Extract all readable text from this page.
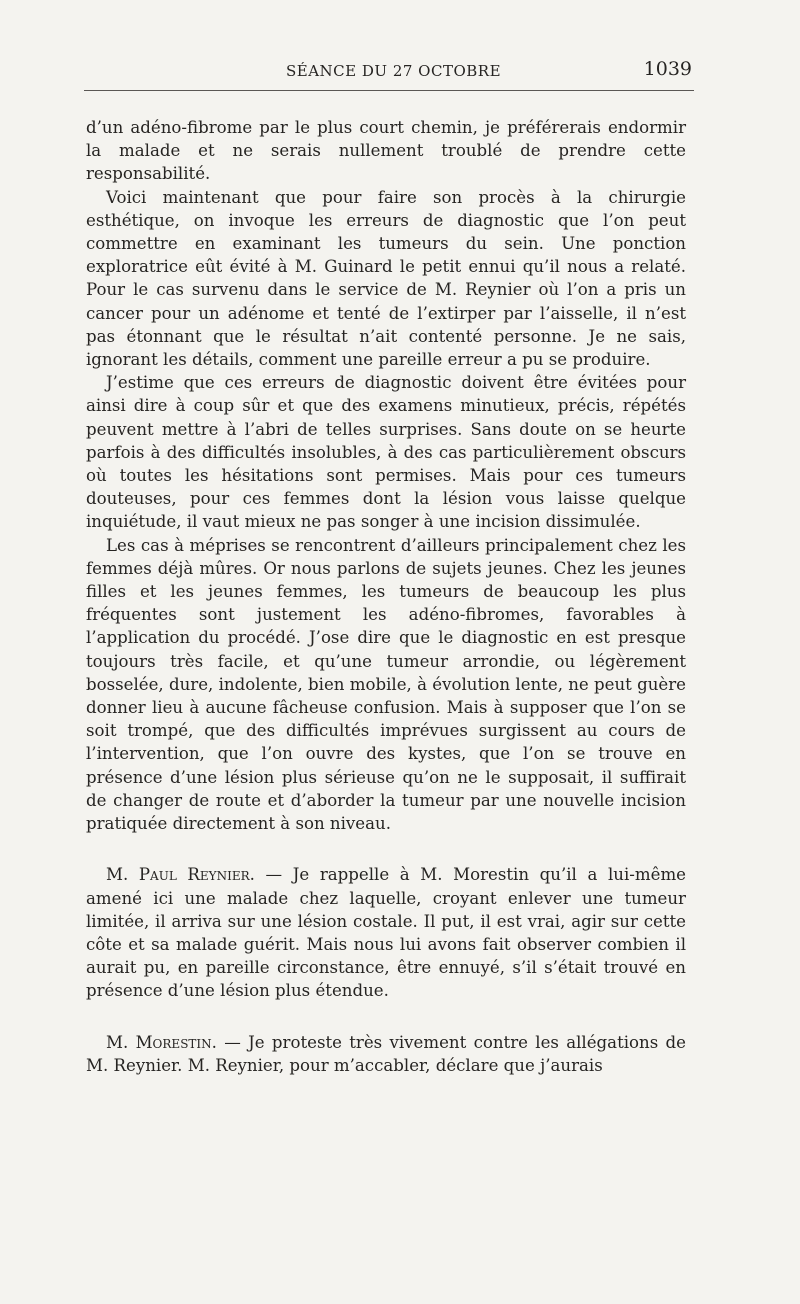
SÉANCE DU 27 OCTOBRE	1039

d’un adéno-fibrome par le plus court chemin, je préférerais endormir la malade et ne serais nullement troublé de prendre cette responsabilité.

Voici maintenant que pour faire son procès à la chirurgie esthétique, on invoque les erreurs de diagnostic que l’on peut commettre en examinant les tumeurs du sein. Une ponction exploratrice eût évité à M. Guinard le petit ennui qu’il nous a relaté. Pour le cas survenu dans le service de M. Reynier où l’on a pris un cancer pour un adénome et tenté de l’extirper par l’aisselle, il n’est pas étonnant que le résultat n’ait contenté personne. Je ne sais, ignorant les détails, comment une pareille erreur a pu se produire.

J’estime que ces erreurs de diagnostic doivent être évitées pour ainsi dire à coup sûr et que des examens minutieux, précis, répétés peuvent mettre à l’abri de telles surprises. Sans doute on se heurte parfois à des difficultés insolubles, à des cas particulièrement obscurs où toutes les hésitations sont permises. Mais pour ces tumeurs douteuses, pour ces femmes dont la lésion vous laisse quelque inquiétude, il vaut mieux ne pas songer à une incision dissimulée.

Les cas à méprises se rencontrent d’ailleurs principalement chez les femmes déjà mûres. Or nous parlons de sujets jeunes. Chez les jeunes filles et les jeunes femmes, les tumeurs de beaucoup les plus fréquentes sont justement les adéno-fibromes, favorables à l’application du procédé. J’ose dire que le diagnostic en est presque toujours très facile, et qu’une tumeur arrondie, ou légèrement bosselée, dure, indolente, bien mobile, à évolution lente, ne peut guère donner lieu à aucune fâcheuse confusion. Mais à supposer que l’on se soit trompé, que des difficultés imprévues surgissent au cours de l’intervention, que l’on ouvre des kystes, que l’on se trouve en présence d’une lésion plus sérieuse qu’on ne le supposait, il suffirait de changer de route et d’aborder la tumeur par une nouvelle incision pratiquée directement à son niveau.

M. Paul Reynier. — Je rappelle à M. Morestin qu’il a lui-même amené ici une malade chez laquelle, croyant enlever une tumeur limitée, il arriva sur une lésion costale. Il put, il est vrai, agir sur cette côte et sa malade guérit. Mais nous lui avons fait observer combien il aurait pu, en pareille circonstance, être ennuyé, s’il s’était trouvé en présence d’une lésion plus étendue.

M. Morestin. — Je proteste très vivement contre les allégations de M. Reynier. M. Reynier, pour m’accabler, déclare que j’aurais
